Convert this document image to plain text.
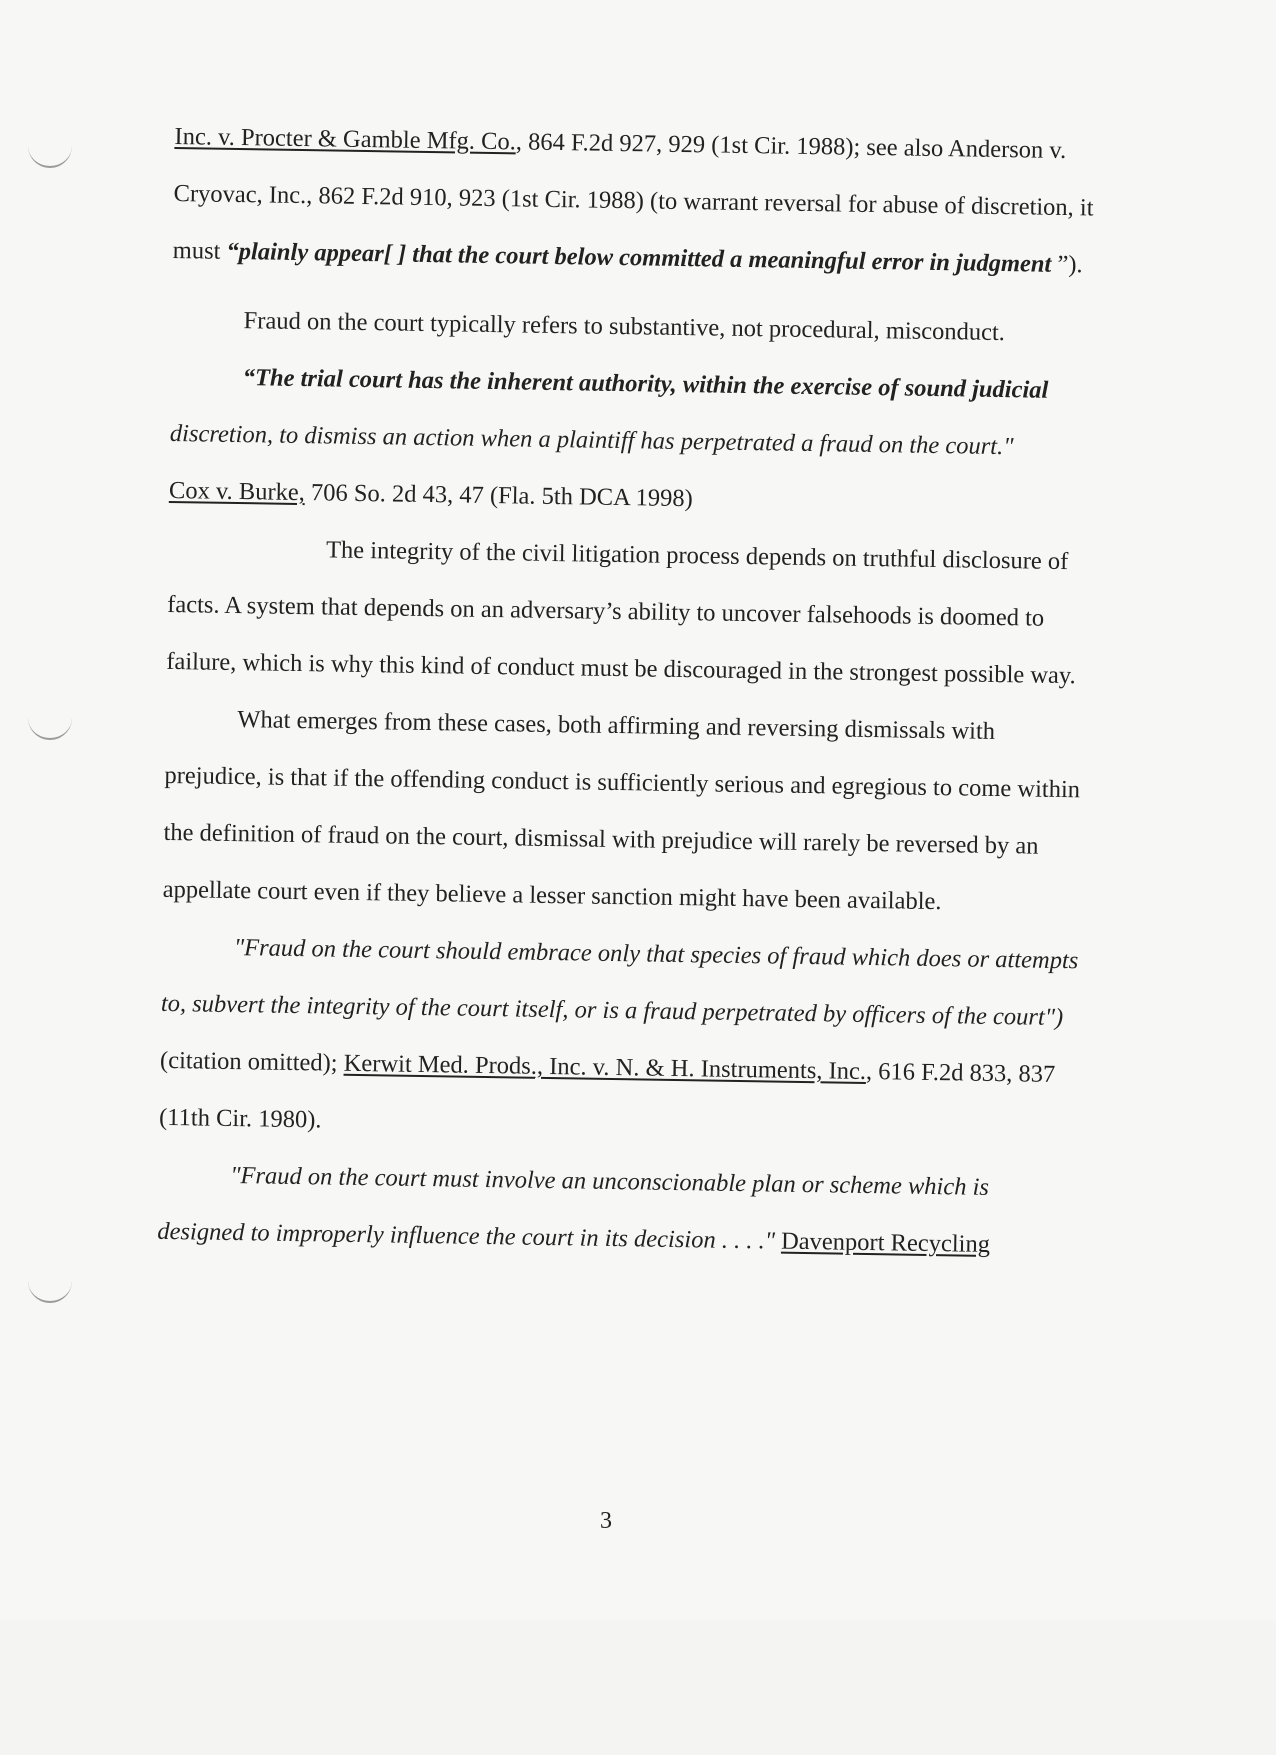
Inc. v. Procter & Gamble Mfg. Co., 864 F.2d 927, 929 (1st Cir. 1988); see also Anderson v. Cryovac, Inc., 862 F.2d 910, 923 (1st Cir. 1988) (to warrant reversal for abuse of discretion, it must “plainly appear[ ] that the court below committed a meaningful error in judgment ”).

Fraud on the court typically refers to substantive, not procedural, misconduct.

“The trial court has the inherent authority, within the exercise of sound judicial discretion, to dismiss an action when a plaintiff has perpetrated a fraud on the court."
Cox v. Burke, 706 So. 2d 43, 47 (Fla. 5th DCA 1998)

The integrity of the civil litigation process depends on truthful disclosure of facts. A system that depends on an adversary’s ability to uncover falsehoods is doomed to failure, which is why this kind of conduct must be discouraged in the strongest possible way.

What emerges from these cases, both affirming and reversing dismissals with prejudice, is that if the offending conduct is sufficiently serious and egregious to come within the definition of fraud on the court, dismissal with prejudice will rarely be reversed by an appellate court even if they believe a lesser sanction might have been available.

"Fraud on the court should embrace only that species of fraud which does or attempts to, subvert the integrity of the court itself, or is a fraud perpetrated by officers of the court") (citation omitted); Kerwit Med. Prods., Inc. v. N. & H. Instruments, Inc., 616 F.2d 833, 837 (11th Cir. 1980).

"Fraud on the court must involve an unconscionable plan or scheme which is designed to improperly influence the court in its decision . . . ." Davenport Recycling

3
